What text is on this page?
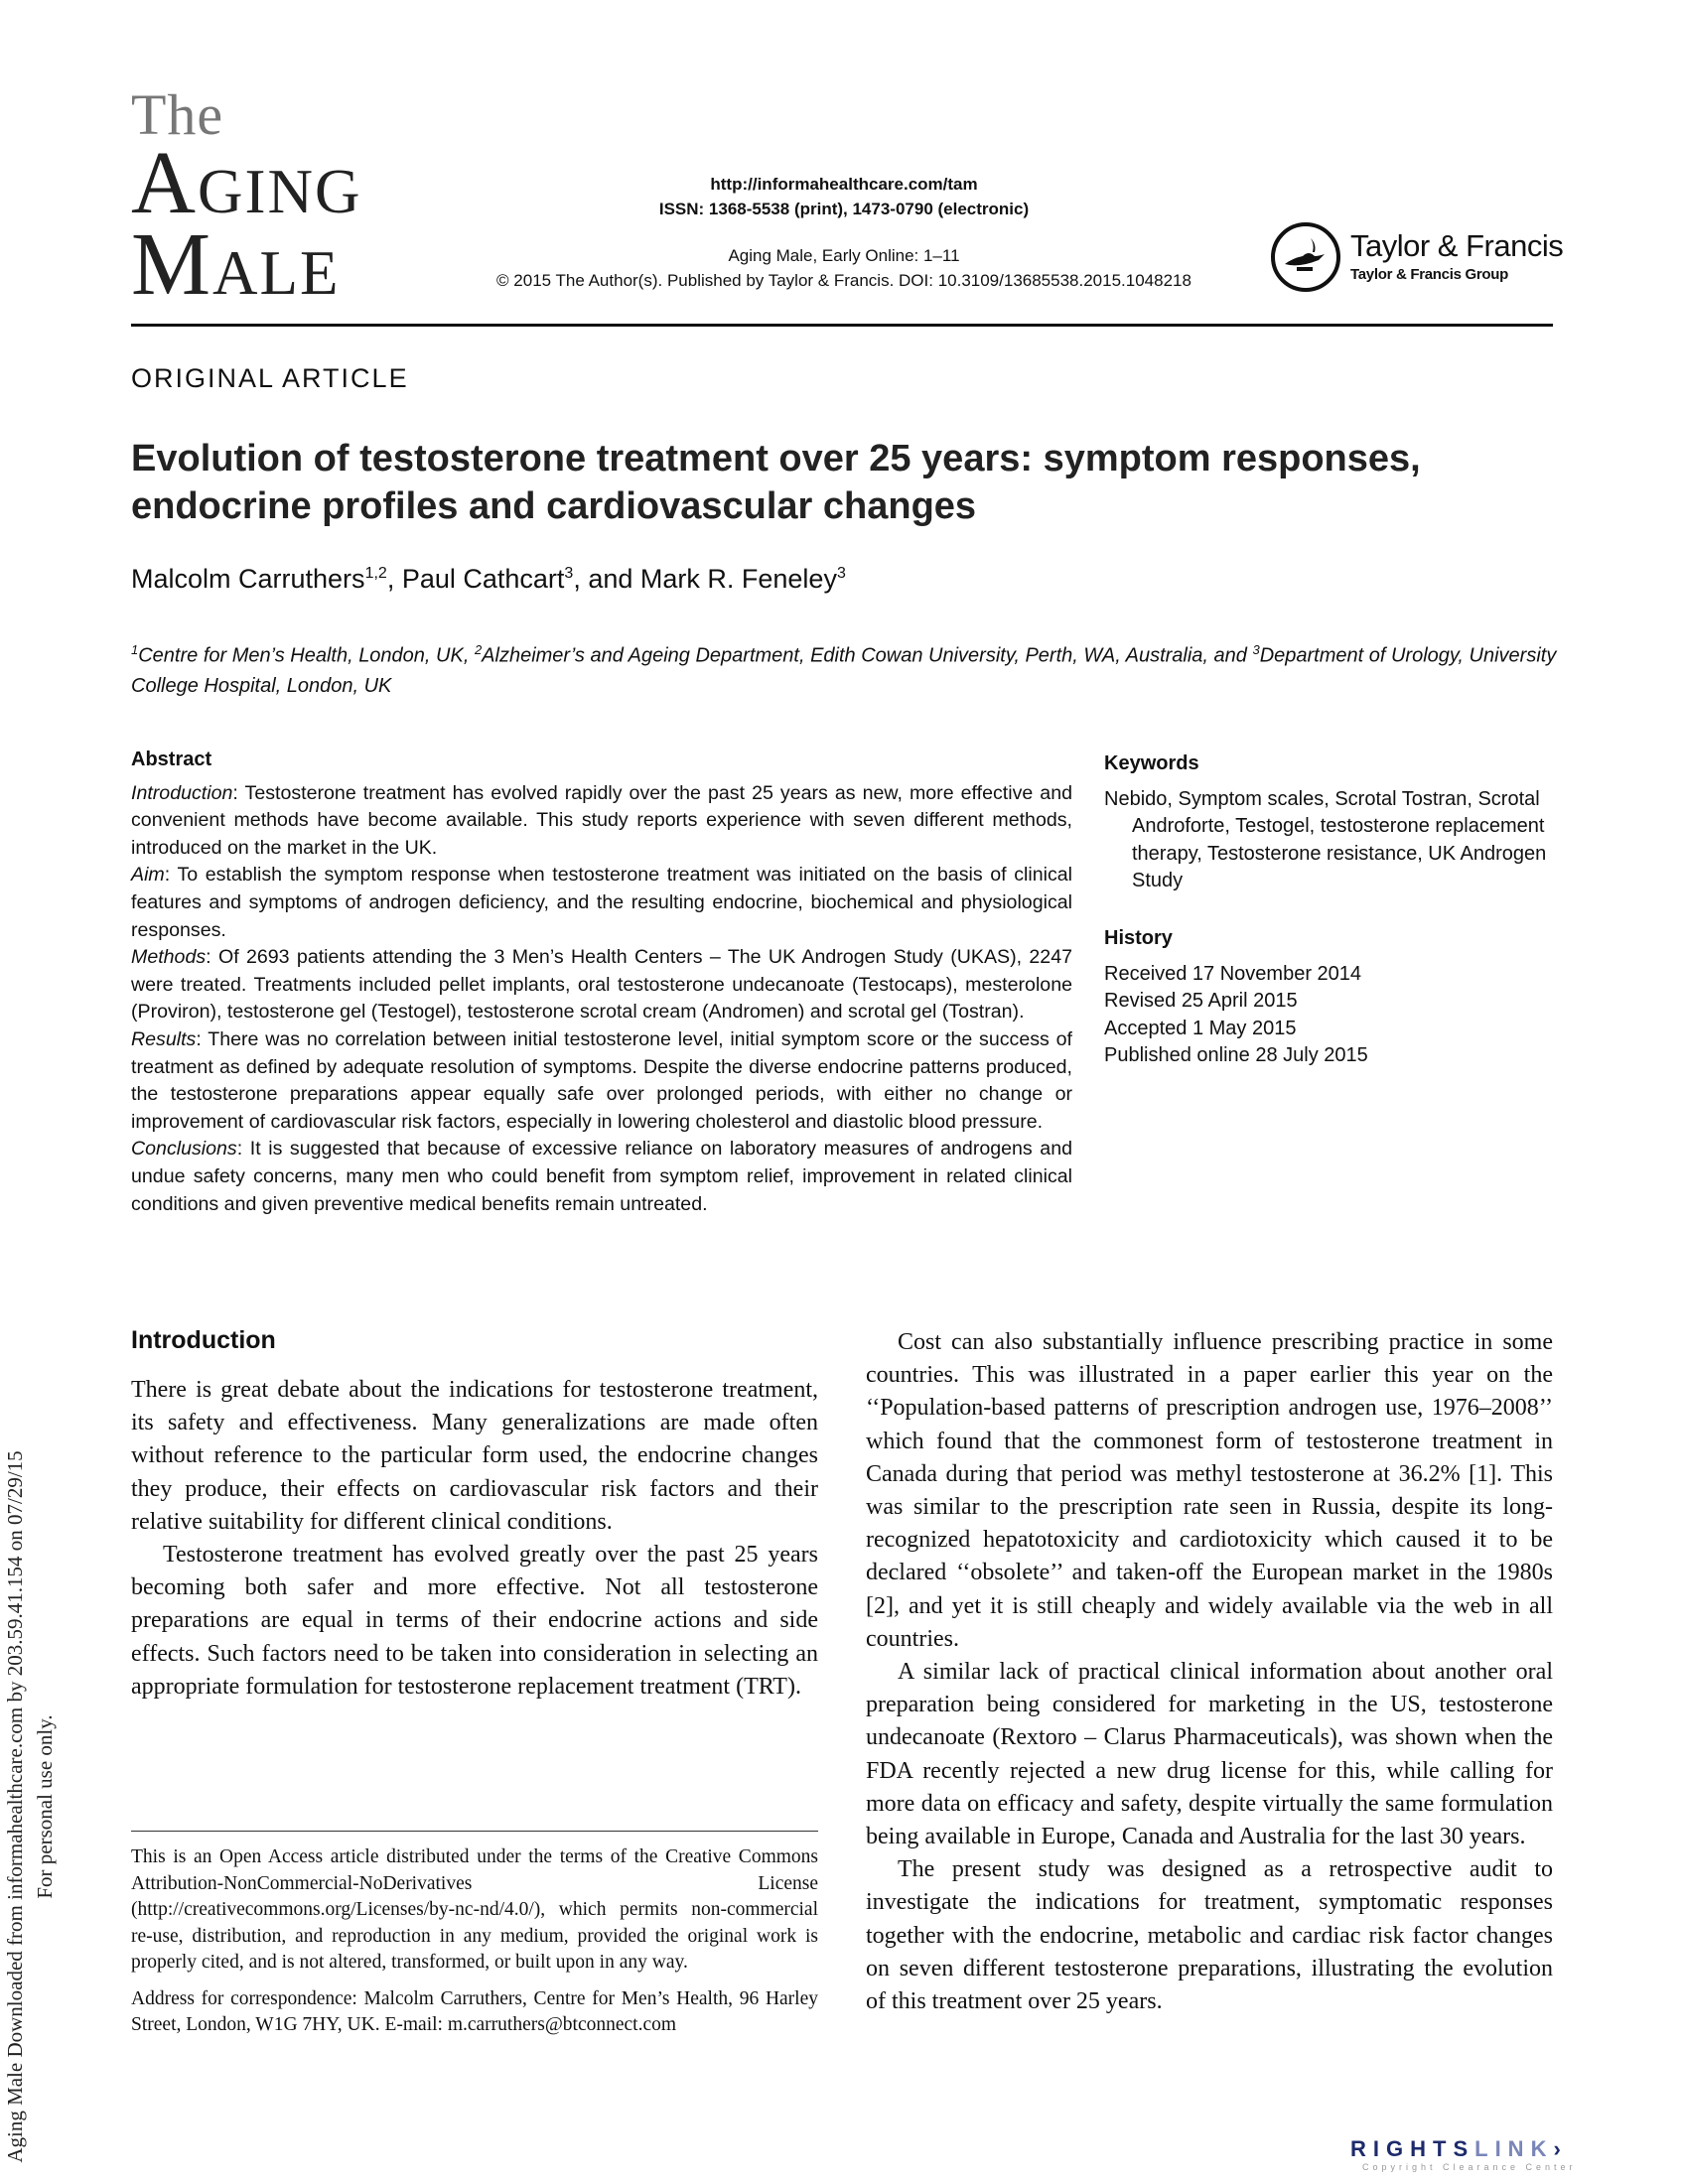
Aging Male Downloaded from informahealthcare.com by 203.59.41.154 on 07/29/15 For personal use only.
The
Aging
Male
http://informahealthcare.com/tam
ISSN: 1368-5538 (print), 1473-0790 (electronic)
Aging Male, Early Online: 1–11
© 2015 The Author(s). Published by Taylor & Francis. DOI: 10.3109/13685538.2015.1048218
Taylor & Francis
Taylor & Francis Group
ORIGINAL ARTICLE
Evolution of testosterone treatment over 25 years: symptom responses, endocrine profiles and cardiovascular changes
Malcolm Carruthers$^{1,2}$, Paul Cathcart$^3$, and Mark R. Feneley$^3$
$^1$Centre for Men’s Health, London, UK, $^2$Alzheimer’s and Ageing Department, Edith Cowan University, Perth, WA, Australia, and $^3$Department of Urology, University College Hospital, London, UK
Abstract

Introduction: Testosterone treatment has evolved rapidly over the past 25 years as new, more effective and convenient methods have become available. This study reports experience with seven different methods, introduced on the market in the UK.

Aim: To establish the symptom response when testosterone treatment was initiated on the basis of clinical features and symptoms of androgen deficiency, and the resulting endocrine, biochemical and physiological responses.

Methods: Of 2693 patients attending the 3 Men’s Health Centers – The UK Androgen Study (UKAS), 2247 were treated. Treatments included pellet implants, oral testosterone undecanoate (Testocaps), mesterolone (Proviron), testosterone gel (Testogel), testosterone scrotal cream (Andromen) and scrotal gel (Tostran).

Results: There was no correlation between initial testosterone level, initial symptom score or the success of treatment as defined by adequate resolution of symptoms. Despite the diverse endocrine patterns produced, the testosterone preparations appear equally safe over prolonged periods, with either no change or improvement of cardiovascular risk factors, especially in lowering cholesterol and diastolic blood pressure.

Conclusions: It is suggested that because of excessive reliance on laboratory measures of androgens and undue safety concerns, many men who could benefit from symptom relief, improvement in related clinical conditions and given preventive medical benefits remain untreated.

Keywords
Nebido, Symptom scales, Scrotal Tostran, Scrotal Androforte, Testogel, testosterone replacement therapy, Testosterone resistance, UK Androgen Study
History
Received 17 November 2014
Revised 25 April 2015
Accepted 1 May 2015
Published online 28 July 2015
Introduction

There is great debate about the indications for testosterone treatment, its safety and effectiveness. Many generalizations are made often without reference to the particular form used, the endocrine changes they produce, their effects on cardiovascular risk factors and their relative suitability for different clinical conditions.

Testosterone treatment has evolved greatly over the past 25 years becoming both safer and more effective. Not all testosterone preparations are equal in terms of their endocrine actions and side effects. Such factors need to be taken into consideration in selecting an appropriate formulation for testosterone replacement treatment (TRT).

Cost can also substantially influence prescribing practice in some countries. This was illustrated in a paper earlier this year on the ‘‘Population-based patterns of prescription androgen use, 1976–2008’’ which found that the commonest form of testosterone treatment in Canada during that period was methyl testosterone at 36.2% [1]. This was similar to the prescription rate seen in Russia, despite its long-recognized hepatotoxicity and cardiotoxicity which caused it to be declared ‘‘obsolete’’ and taken-off the European market in the 1980s [2], and yet it is still cheaply and widely available via the web in all countries.

A similar lack of practical clinical information about another oral preparation being considered for marketing in the US, testosterone undecanoate (Rextoro – Clarus Pharmaceuticals), was shown when the FDA recently rejected a new drug license for this, while calling for more data on efficacy and safety, despite virtually the same formulation being available in Europe, Canada and Australia for the last 30 years.

The present study was designed as a retrospective audit to investigate the indications for treatment, symptomatic responses together with the endocrine, metabolic and cardiac risk factor changes on seven different testosterone preparations, illustrating the evolution of this treatment over 25 years.

This is an Open Access article distributed under the terms of the Creative Commons Attribution-NonCommercial-NoDerivatives License (http://creativecommons.org/Licenses/by-nc-nd/4.0/), which permits non-commercial re-use, distribution, and reproduction in any medium, provided the original work is properly cited, and is not altered, transformed, or built upon in any way.

Address for correspondence: Malcolm Carruthers, Centre for Men’s Health, 96 Harley Street, London, W1G 7HY, UK. E-mail: m.carruthers@btconnect.com

RIGHTSLINK›
Copyright Clearance Center
